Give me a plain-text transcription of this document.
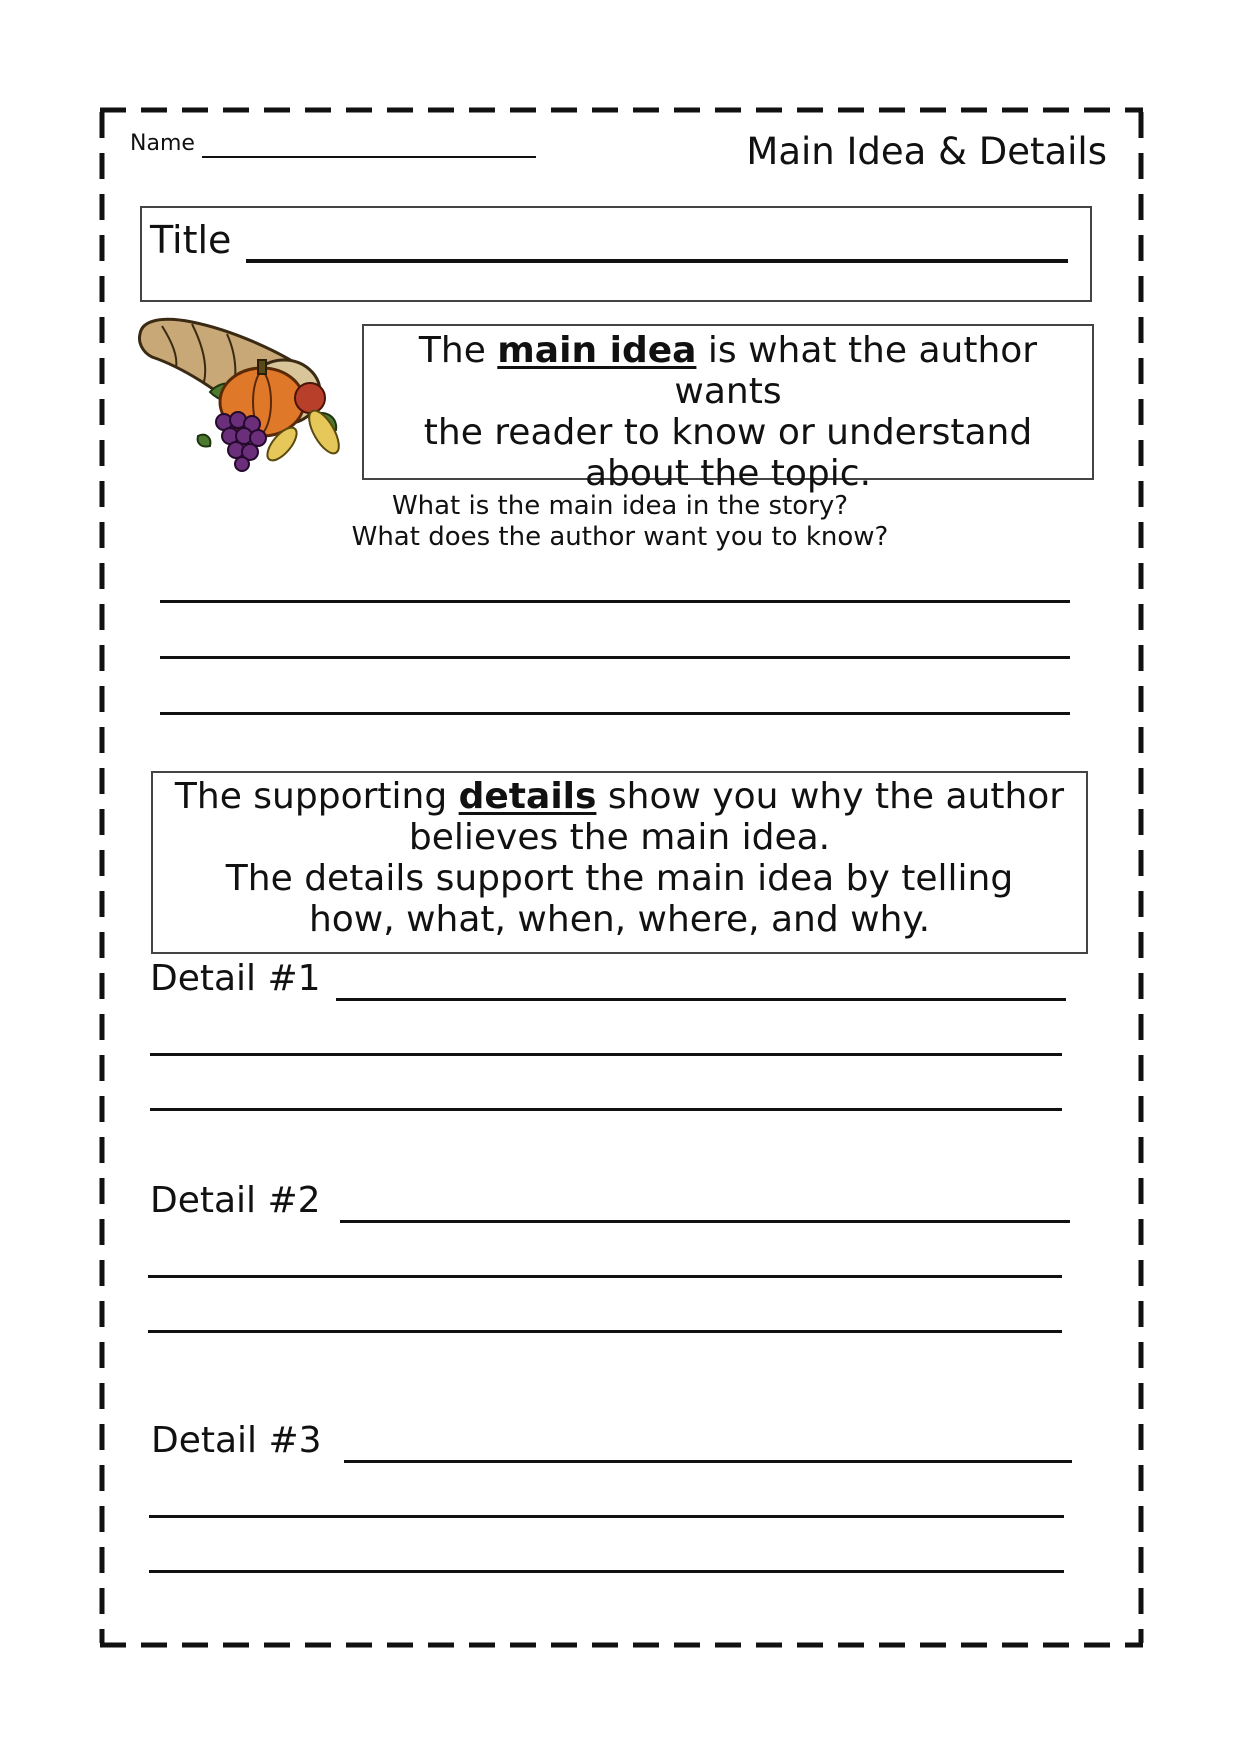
Name	Main Idea & Details
Title
The main idea is what the author wants
the reader to know or understand
about the topic.
What is the main idea in the story?
What does the author want you to know?
The supporting details show you why the author
believes the main idea.
The details support the main idea by telling
how, what, when, where, and why.
Detail #1
Detail #2
Detail #3
